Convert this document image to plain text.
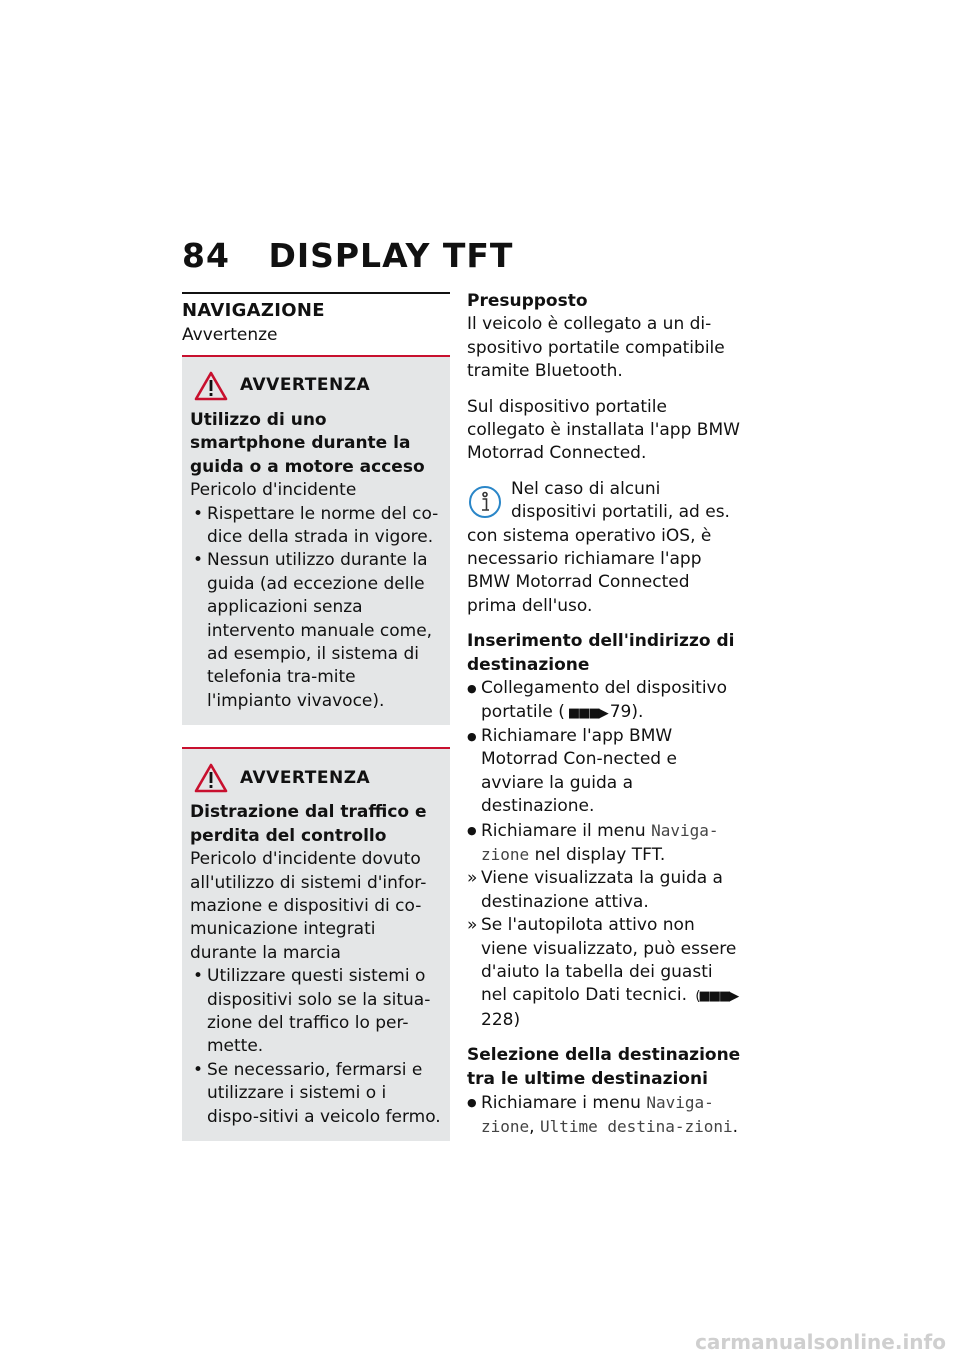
84 DISPLAY TFT
NAVIGAZIONE
Avvertenze
AVVERTENZA
Utilizzo di uno smartphone durante la guida o a motore acceso
Pericolo d'incidente
• Rispettare le norme del co-dice della strada in vigore.
• Nessun utilizzo durante la guida (ad eccezione delle applicazioni senza intervento manuale come, ad esempio, il sistema di telefonia tra-mite l'impianto vivavoce).
AVVERTENZA
Distrazione dal traffico e perdita del controllo
Pericolo d'incidente dovuto all'utilizzo di sistemi d'infor-mazione e dispositivi di co-municazione integrati durante la marcia
• Utilizzare questi sistemi o dispositivi solo se la situa-zione del traffico lo per-mette.
• Se necessario, fermarsi e utilizzare i sistemi o i dispo-sitivi a veicolo fermo.
Presupposto

Il veicolo è collegato a un di-spositivo portatile compatibile tramite Bluetooth.

Sul dispositivo portatile collegato è installata l'app BMW Motorrad Connected.

Nel caso di alcuni
dispositivi portatili, ad es.
con sistema operativo iOS, è necessario richiamare l'app BMW Motorrad Connected prima dell'uso.
Inserimento dell'indirizzo di destinazione
● Collegamento del dispositivo portatile ( ■■■▶ 79).
● Richiamare l'app BMW Motorrad Con-nected e avviare la guida a destinazione.
● Richiamare il menu Naviga-zione nel display TFT.
» Viene visualizzata la guida a destinazione attiva.
» Se l'autopilota attivo non viene visualizzato, può essere d'aiuto la tabella dei guasti nel capitolo Dati tecnici. (■■■▶228)
Selezione della destinazione tra le ultime destinazioni
● Richiamare i menu Naviga-zione, Ultime destina-zioni.
carmanualsonline.info
